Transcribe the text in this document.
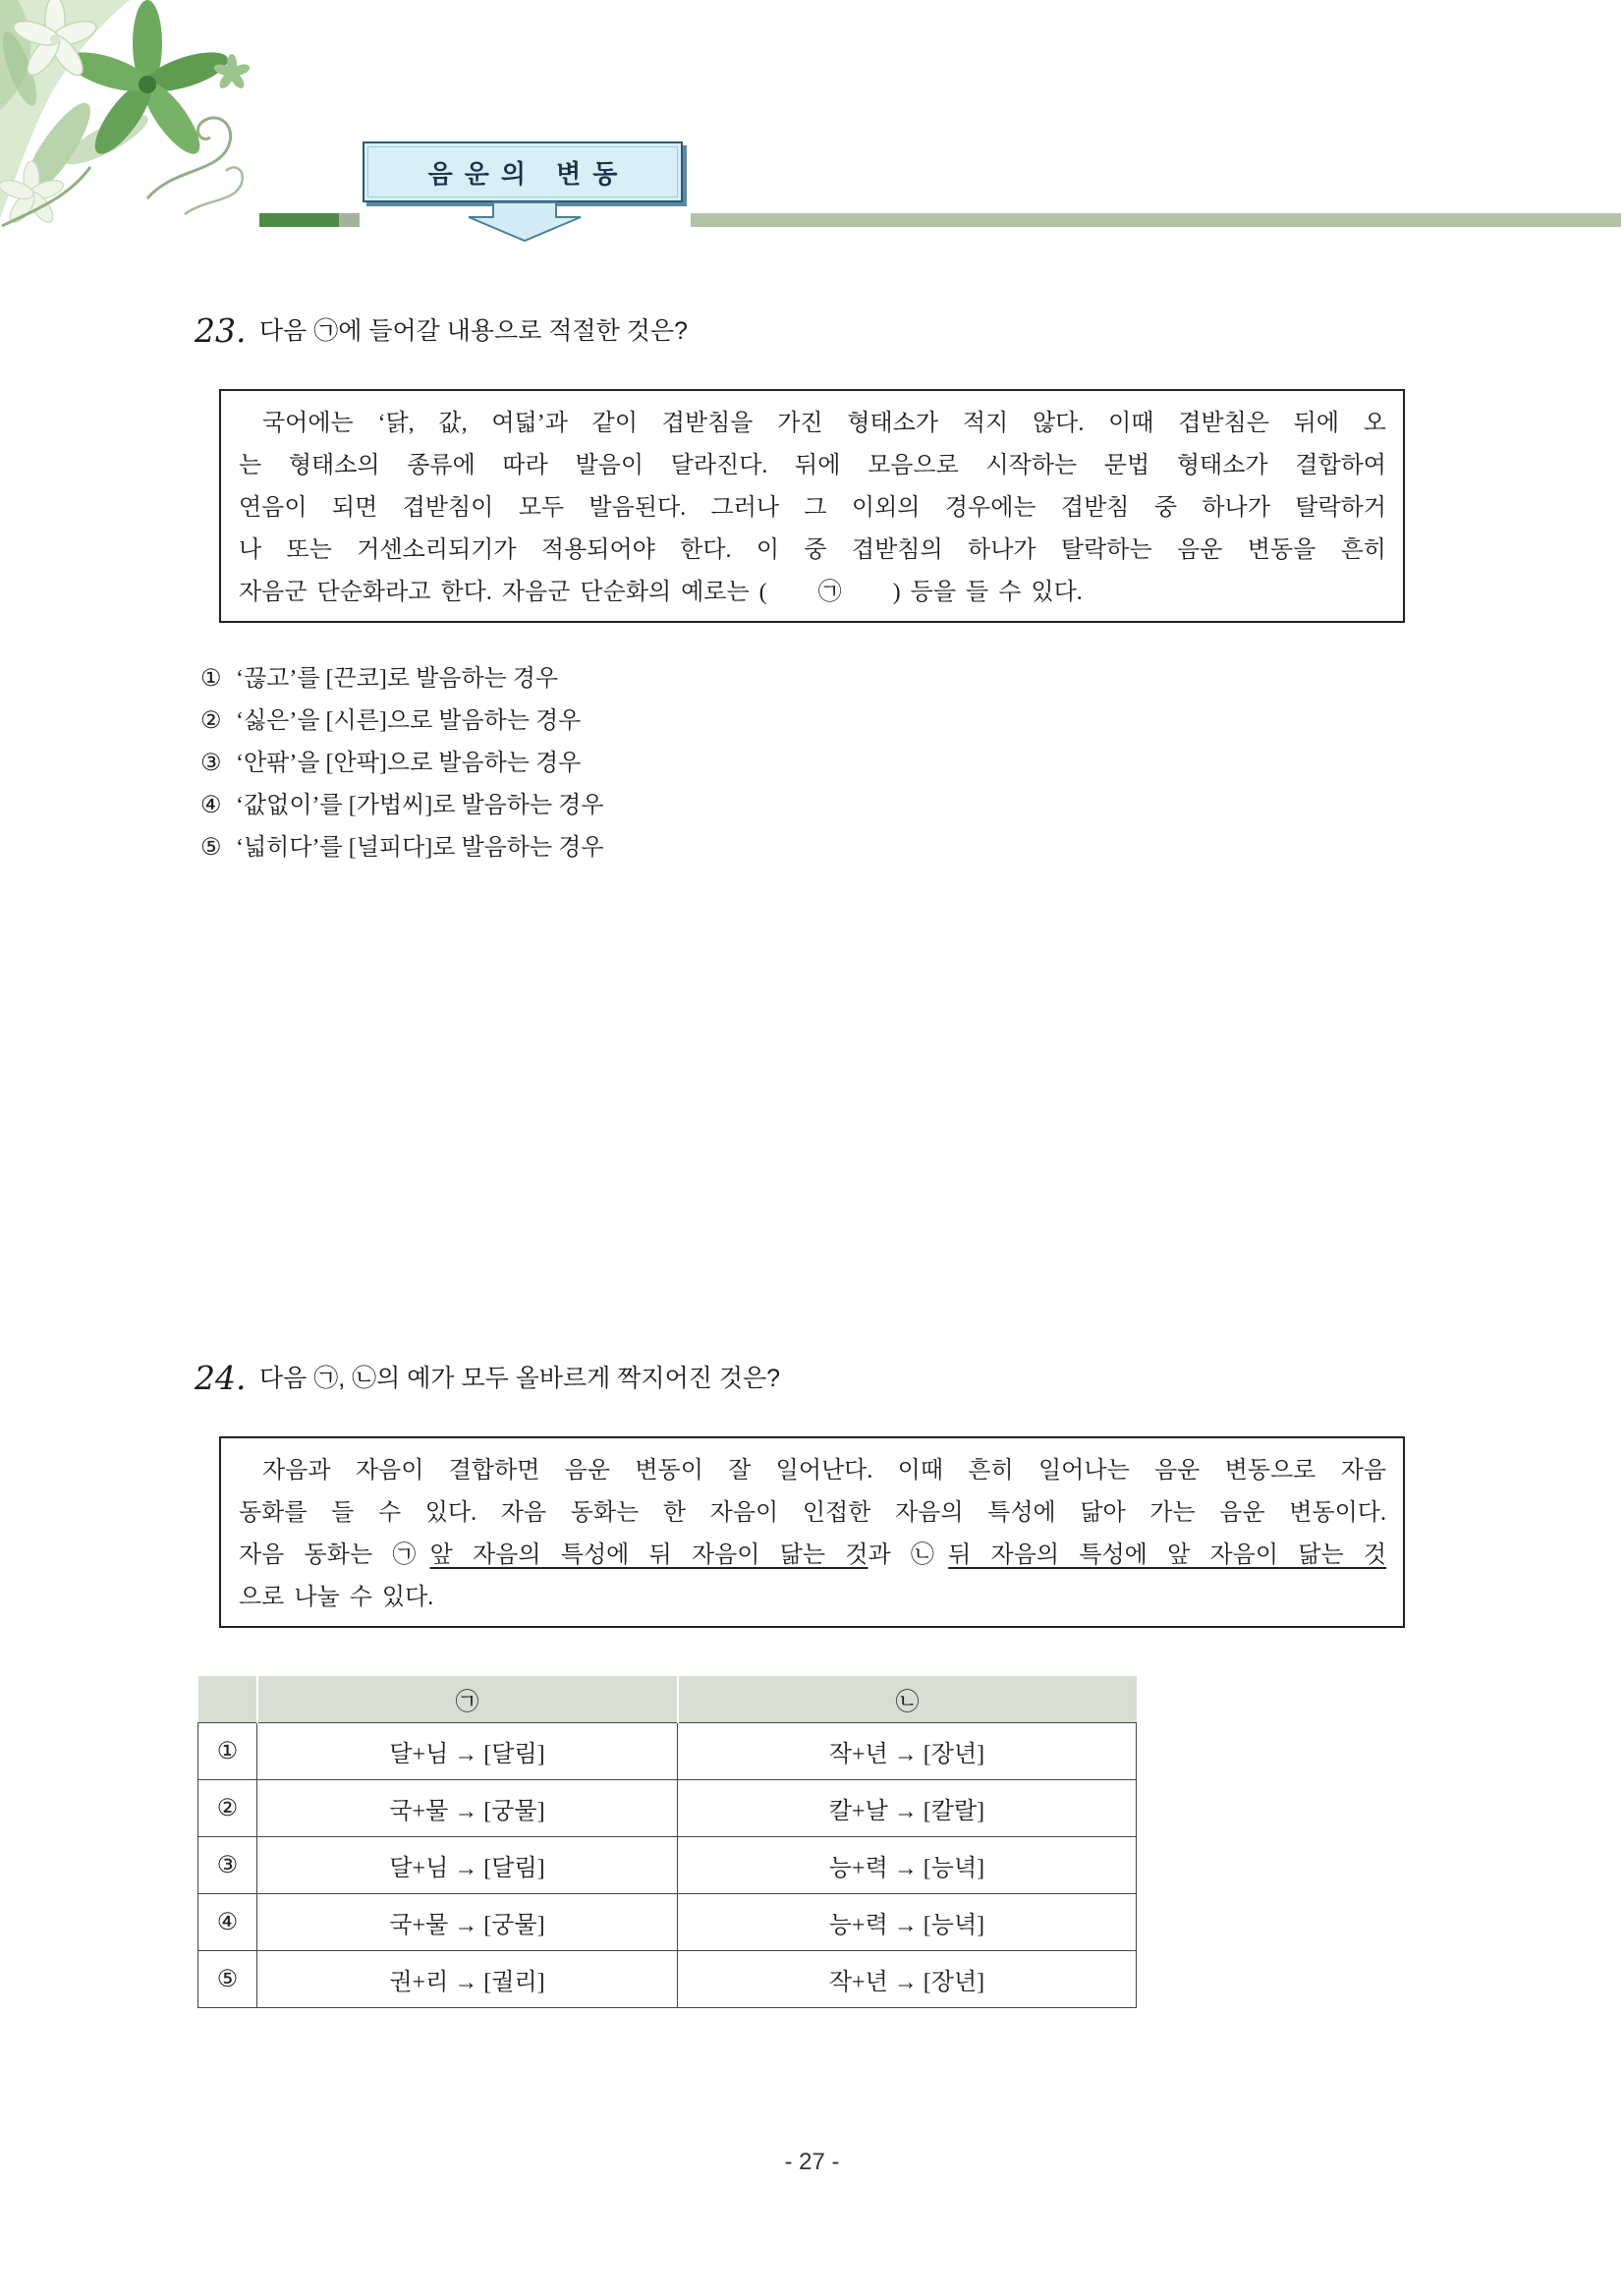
음운의 변동
23. 다음 ㉠에 들어갈 내용으로 적절한 것은?
국어에는 ‘닭, 값, 여덟’과 같이 겹받침을 가진 형태소가 적지 않다. 이때 겹받침은 뒤에 오
는 형태소의 종류에 따라 발음이 달라진다. 뒤에 모음으로 시작하는 문법 형태소가 결합하여
연음이 되면 겹받침이 모두 발음된다. 그러나 그 이외의 경우에는 겹받침 중 하나가 탈락하거
나 또는 거센소리되기가 적용되어야 한다. 이 중 겹받침의 하나가 탈락하는 음운 변동을 흔히
자음군 단순화라고 한다. 자음군 단순화의 예로는 ( ㉠ ) 등을 들 수 있다.
① ‘끊고’를 [끈코]로 발음하는 경우
② ‘싫은’을 [시른]으로 발음하는 경우
③ ‘안팎’을 [안팍]으로 발음하는 경우
④ ‘값없이’를 [가법씨]로 발음하는 경우
⑤ ‘넓히다’를 [널피다]로 발음하는 경우
24. 다음 ㉠, ㉡의 예가 모두 올바르게 짝지어진 것은?
자음과 자음이 결합하면 음운 변동이 잘 일어난다. 이때 흔히 일어나는 음운 변동으로 자음
동화를 들 수 있다. 자음 동화는 한 자음이 인접한 자음의 특성에 닮아 가는 음운 변동이다.
자음 동화는 ㉠앞 자음의 특성에 뒤 자음이 닮는 것과 ㉡뒤 자음의 특성에 앞 자음이 닮는 것
으로 나눌 수 있다.
	㉠	㉡
①	달+님 → [달림]	작+년 → [장년]
②	국+물 → [궁물]	칼+날 → [칼랄]
③	달+님 → [달림]	능+력 → [능녁]
④	국+물 → [궁물]	능+력 → [능녁]
⑤	권+리 → [궐리]	작+년 → [장년]
- 27 -
